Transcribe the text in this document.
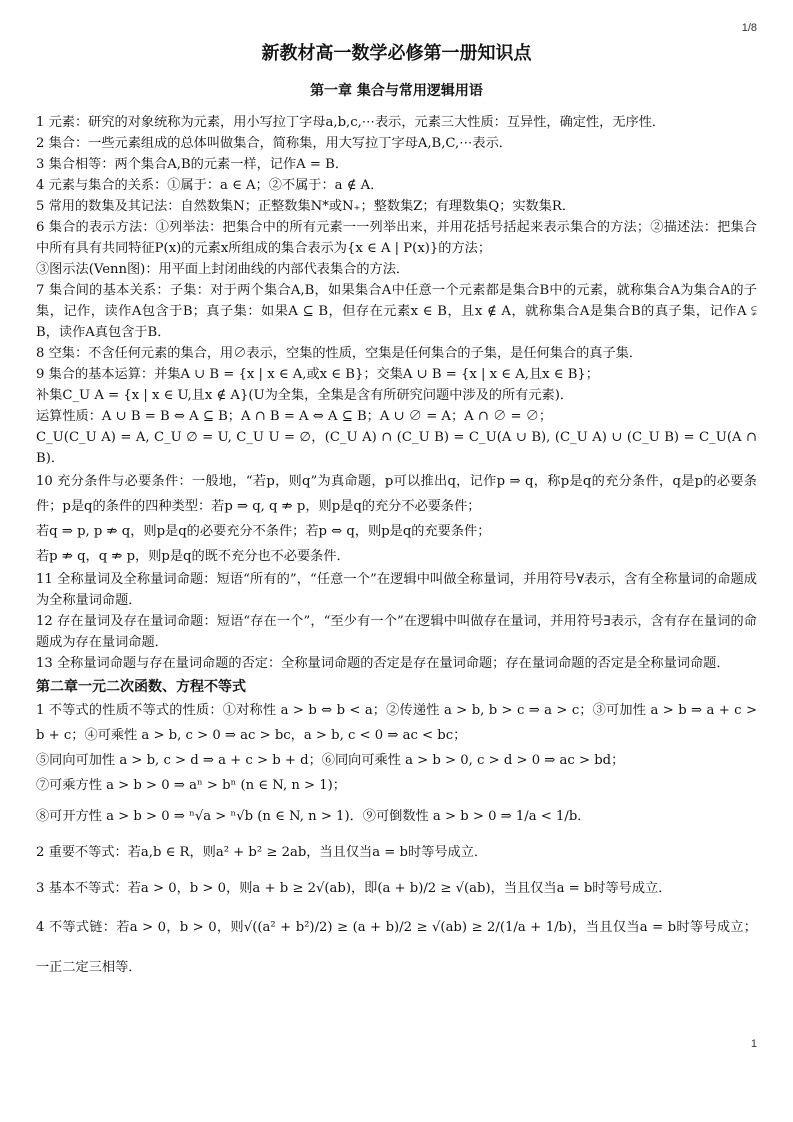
1/8
新教材高一数学必修第一册知识点
第一章 集合与常用逻辑用语

1 元素：研究的对象统称为元素，用小写拉丁字母a,b,c,⋯表示，元素三大性质：互异性，确定性，无序性．

2 集合：一些元素组成的总体叫做集合，简称集，用大写拉丁字母A,B,C,⋯表示．

3 集合相等：两个集合A,B的元素一样，记作A = B．

4 元素与集合的关系：①属于：a ∈ A；②不属于：a ∉ A．

5 常用的数集及其记法：自然数集N；正整数集N*或N₊；整数集Z；有理数集Q；实数集R．

6 集合的表示方法：①列举法：把集合中的所有元素一一列举出来，并用花括号括起来表示集合的方法；②描述法：把集合中所有具有共同特征P(x)的元素x所组成的集合表示为{x ∈ A | P(x)}的方法；

③图示法(Venn图)：用平面上封闭曲线的内部代表集合的方法．

7 集合间的基本关系：子集：对于两个集合A,B，如果集合A中任意一个元素都是集合B中的元素，就称集合A为集合A的子集，记作，读作A包含于B；真子集：如果A ⊆ B，但存在元素x ∈ B，且x ∉ A，就称集合A是集合B的真子集，记作A ⫋ B，读作A真包含于B．

8 空集：不含任何元素的集合，用∅表示，空集的性质，空集是任何集合的子集，是任何集合的真子集．

9 集合的基本运算：并集A ∪ B = {x | x ∈ A,或x ∈ B}；交集A ∪ B = {x | x ∈ A,且x ∈ B}；

补集C_U A = {x | x ∈ U,且x ∉ A}(U为全集，全集是含有所研究问题中涉及的所有元素)．

运算性质：A ∪ B = B ⇔ A ⊆ B；A ∩ B = A ⇔ A ⊆ B；A ∪ ∅ = A；A ∩ ∅ = ∅；

C_U(C_U A) = A, C_U ∅ = U, C_U U = ∅，(C_U A) ∩ (C_U B) = C_U(A ∪ B), (C_U A) ∪ (C_U B) = C_U(A ∩ B)．

10 充分条件与必要条件：一般地，“若p，则q”为真命题，p可以推出q，记作p ⇒ q，称p是q的充分条件，q是p的必要条件；p是q的条件的四种类型：若p ⇒ q, q ⇏ p，则p是q的充分不必要条件；

若q ⇒ p, p ⇏ q，则p是q的必要充分不条件；若p ⇔ q，则p是q的充要条件；

若p ⇏ q，q ⇏ p，则p是q的既不充分也不必要条件．

11 全称量词及全称量词命题：短语“所有的”，“任意一个”在逻辑中叫做全称量词，并用符号∀表示，含有全称量词的命题成为全称量词命题．

12 存在量词及存在量词命题：短语“存在一个”，“至少有一个”在逻辑中叫做存在量词，并用符号∃表示，含有存在量词的命题成为存在量词命题．

13 全称量词命题与存在量词命题的否定：全称量词命题的否定是存在量词命题；存在量词命题的否定是全称量词命题．

第二章一元二次函数、方程不等式

1 不等式的性质不等式的性质：①对称性 a > b ⇔ b < a；②传递性 a > b, b > c ⇒ a > c；③可加性 a > b ⇒ a + c > b + c；④可乘性 a > b, c > 0 ⇒ ac > bc，a > b, c < 0 ⇒ ac < bc；

⑤同向可加性 a > b, c > d ⇒ a + c > b + d；⑥同向可乘性 a > b > 0, c > d > 0 ⇒ ac > bd；

⑦可乘方性 a > b > 0 ⇒ aⁿ > bⁿ (n ∈ N, n > 1)；

⑧可开方性 a > b > 0 ⇒ ⁿ√a > ⁿ√b (n ∈ N, n > 1)．⑨可倒数性 a > b > 0 ⇒ 1/a < 1/b．

2 重要不等式：若a,b ∈ R，则a² + b² ≥ 2ab，当且仅当a = b时等号成立．

3 基本不等式：若a > 0，b > 0，则a + b ≥ 2√(ab)，即(a + b)/2 ≥ √(ab)，当且仅当a = b时等号成立．

4 不等式链：若a > 0，b > 0，则√((a² + b²)/2) ≥ (a + b)/2 ≥ √(ab) ≥ 2/(1/a + 1/b)，当且仅当a = b时等号成立；一正二定三相等．

1
